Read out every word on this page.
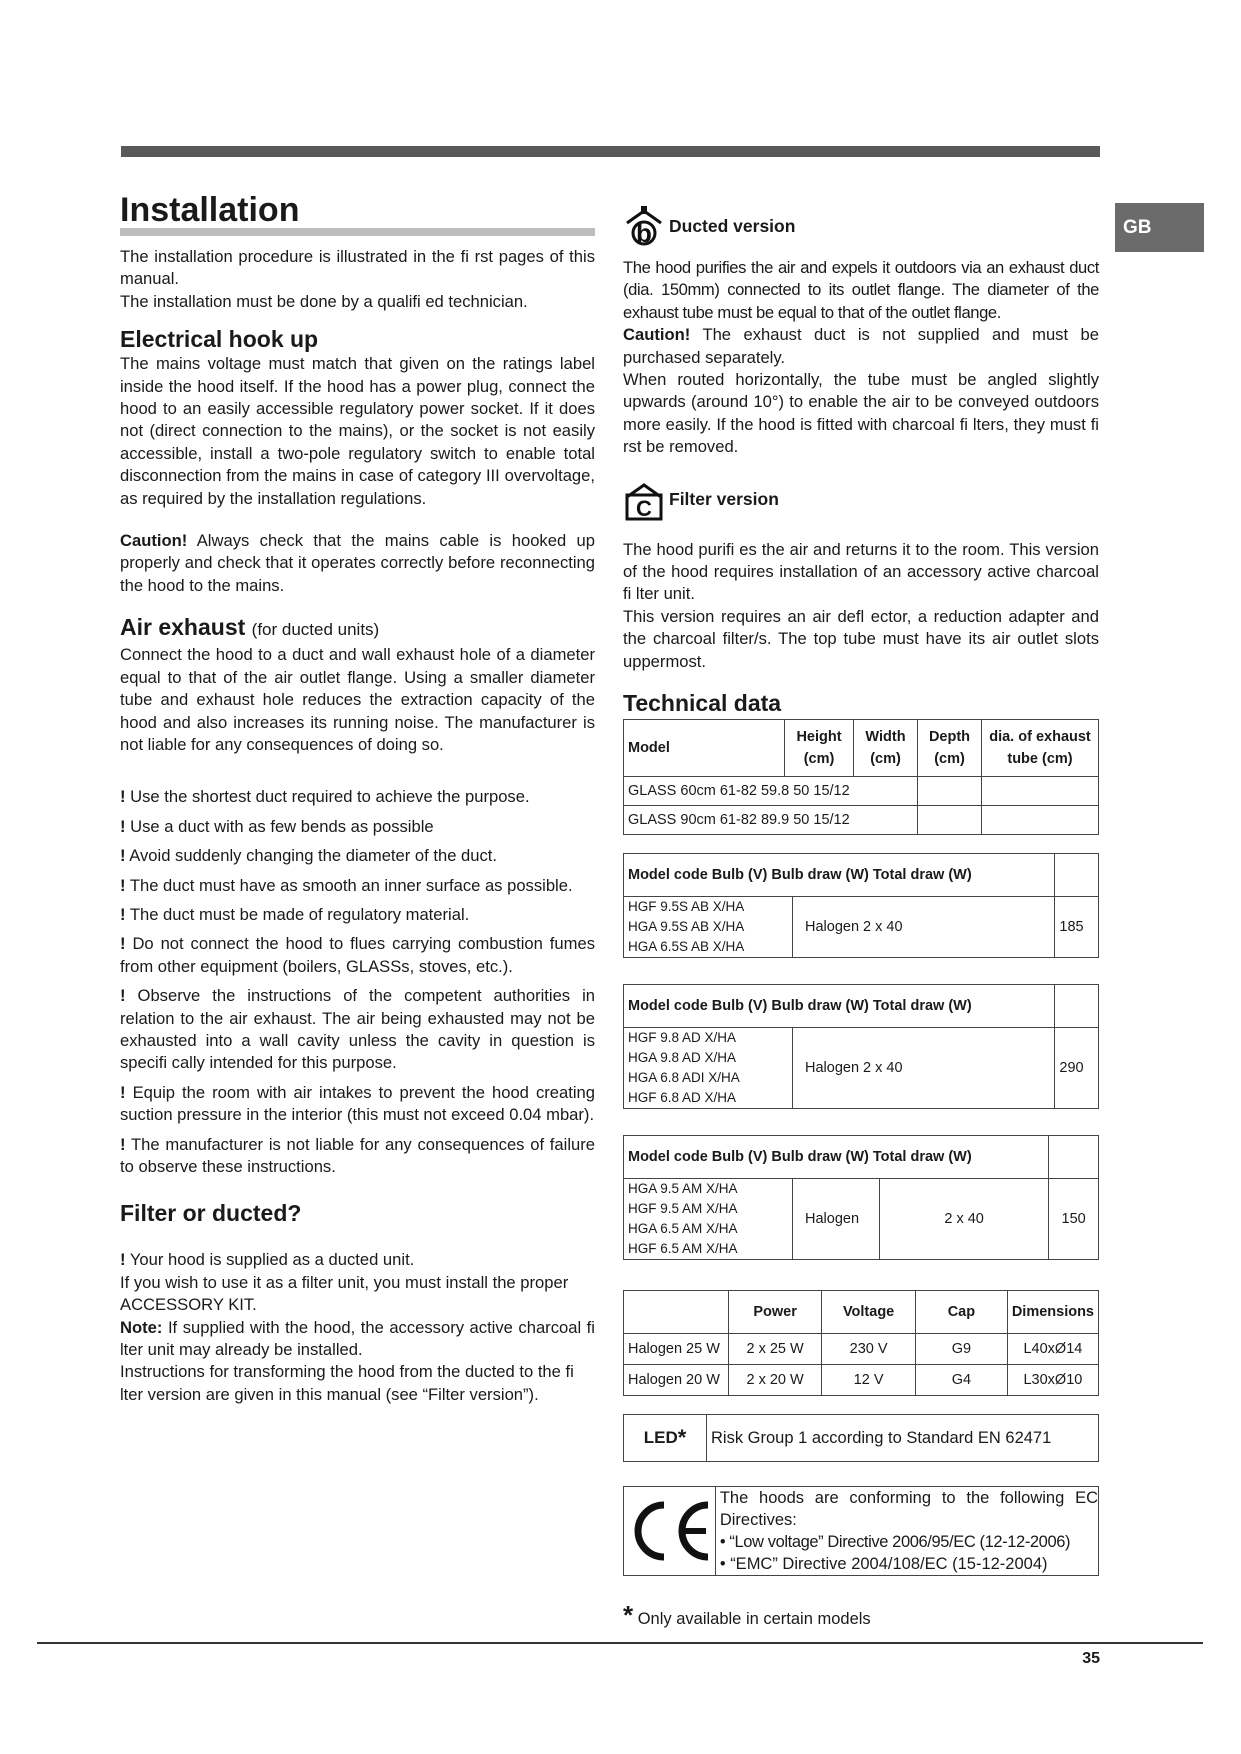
GB
Installation

The installation procedure is illustrated in the fi rst pages of this manual.

The installation must be done by a qualifi ed technician.

Electrical hook up

The mains voltage must match that given on the ratings label inside the hood itself. If the hood has a power plug, connect the hood to an easily accessible regulatory power socket. If it does not (direct connection to the mains), or the socket is not easily accessible, install a two-pole regulatory switch to enable total disconnection from the mains in case of category III overvoltage, as required by the installation regulations.

Caution! Always check that the mains cable is hooked up properly and check that it operates correctly before reconnecting the hood to the mains.

Air exhaust (for ducted units)

Connect the hood to a duct and wall exhaust hole of a diameter equal to that of the air outlet flange. Using a smaller diameter tube and exhaust hole reduces the extraction capacity of the hood and also increases its running noise. The manufacturer is not liable for any consequences of doing so.

! Use the shortest duct required to achieve the purpose.

! Use a duct with as few bends as possible

! Avoid suddenly changing the diameter of the duct.

! The duct must have as smooth an inner surface as possible.

! The duct must be made of regulatory material.

! Do not connect the hood to flues carrying combustion fumes from other equipment (boilers, GLASSs, stoves, etc.).

! Observe the instructions of the competent authorities in relation to the air exhaust. The air being exhausted may not be exhausted into a wall cavity unless the cavity in question is specifi cally intended for this purpose.

! Equip the room with air intakes to prevent the hood creating suction pressure in the interior (this must not exceed 0.04 mbar).

! The manufacturer is not liable for any consequences of failure to observe these instructions.

Filter or ducted?

! Your hood is supplied as a ducted unit.

If you wish to use it as a filter unit, you must install the proper ACCESSORY KIT.

Note: If supplied with the hood, the accessory active charcoal fi lter unit may already be installed.

Instructions for transforming the hood from the ducted to the fi lter version are given in this manual (see “Filter version”).

b Ducted version

The hood purifies the air and expels it outdoors via an exhaust duct (dia. 150mm) connected to its outlet flange. The diameter of the exhaust tube must be equal to that of the outlet flange.

Caution! The exhaust duct is not supplied and must be purchased separately.

When routed horizontally, the tube must be angled slightly upwards (around 10°) to enable the air to be conveyed outdoors more easily. If the hood is fitted with charcoal fi lters, they must fi rst be removed.

C Filter version

The hood purifi es the air and returns it to the room. This version of the hood requires installation of an accessory active charcoal fi lter unit.

This version requires an air defl ector, a reduction adapter and the charcoal filter/s. The top tube must have its air outlet slots uppermost.

Technical data
Model	Height (cm)	Width (cm)	Depth (cm)	dia. of exhaust tube (cm)
GLASS 60cm 61-82 59.8 50 15/12				
GLASS 90cm 61-82 89.9 50 15/12				
Model code Bulb (V) Bulb draw (W) Total draw (W)		

HGF 9.5S AB X/HA
HGA 9.5S AB X/HA
HGA 6.5S AB X/HA	Halogen 2 x 40	185
Model code Bulb (V) Bulb draw (W) Total draw (W)		

HGF 9.8 AD X/HA
HGA 9.8 AD X/HA
HGA 6.8 ADI X/HA
HGF 6.8 AD X/HA	Halogen 2 x 40	290
Model code Bulb (V) Bulb draw (W) Total draw (W)			

HGA 9.5 AM X/HA
HGF 9.5 AM X/HA
HGA 6.5 AM X/HA
HGF 6.5 AM X/HA	Halogen	2 x 40	150
	Power	Voltage	Cap	Dimensions
Halogen 25 W	2 x 25 W	230 V	G9	L40xØ14
Halogen 20 W	2 x 20 W	12 V	G4	L30xØ10
LED * Risk Group 1 according to Standard EN 62471
The hoods are conforming to the following EC Directives:
• “Low voltage” Directive 2006/95/EC (12-12-2006)
• “EMC” Directive 2004/108/EC (15-12-2004)
* Only available in certain models
35
